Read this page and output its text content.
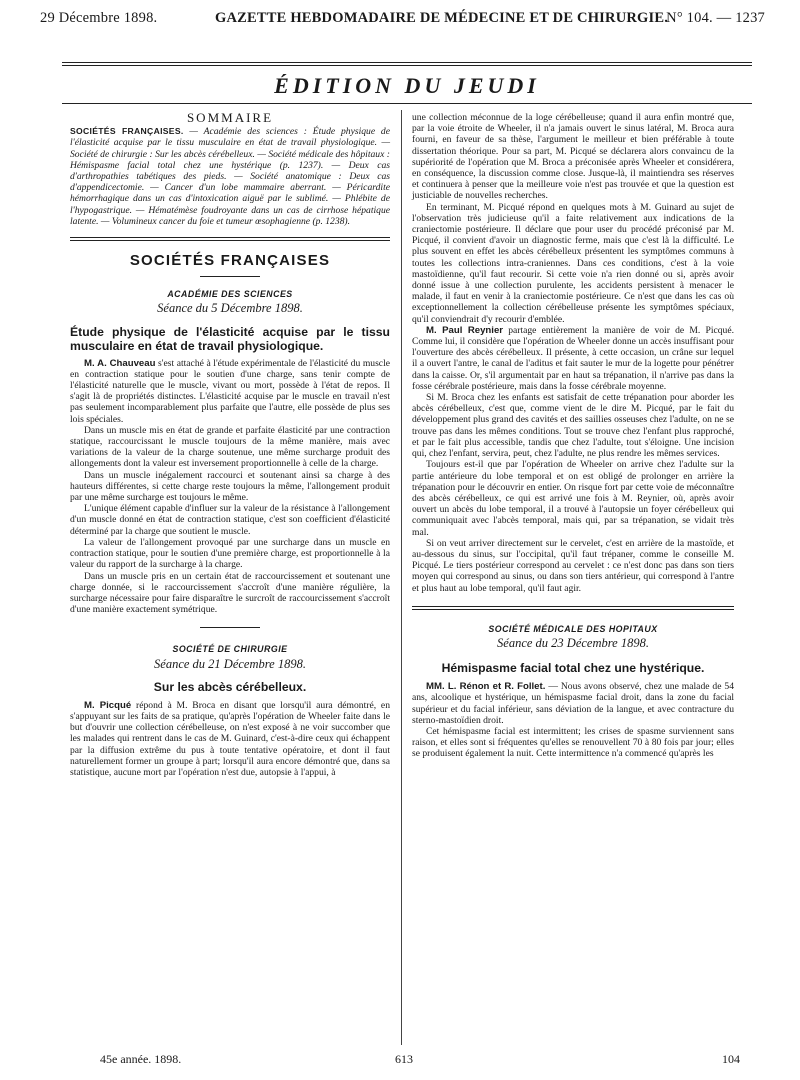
29 Décembre 1898.	GAZETTE HEBDOMADAIRE DE MÉDECINE ET DE CHIRURGIE.
N° 104. — 1237
ÉDITION DU JEUDI
SOMMAIRE

SOCIÉTÉS FRANÇAISES. — Académie des sciences : Étude physique de l'élasticité acquise par le tissu musculaire en état de travail physiologique. — Société de chirurgie : Sur les abcès cérébelleux. — Société médicale des hôpitaux : Hémispasme facial total chez une hystérique (p. 1237). — Deux cas d'arthropathies tabétiques des pieds. — Société anatomique : Deux cas d'appendicectomie. — Cancer d'un lobe mammaire aberrant. — Péricardite hémorrhagique dans un cas d'intoxication aiguë par le sublimé. — Phlébite de l'hypogastrique. — Hématémèse foudroyante dans un cas de cirrhose hépatique latente. — Volumineux cancer du foie et tumeur œsophagienne (p. 1238).

SOCIÉTÉS FRANÇAISES
ACADÉMIE DES SCIENCES
Séance du 5 Décembre 1898.
Étude physique de l'élasticité acquise par le tissu musculaire en état de travail physiologique.

M. A. Chauveau s'est attaché à l'étude expérimentale de l'élasticité du muscle en contraction statique pour le soutien d'une charge, sans tenir compte de l'élasticité naturelle que le muscle, vivant ou mort, possède à l'état de repos. Il s'agit là de propriétés distinctes. L'élasticité acquise par le muscle en travail n'est pas seulement incomparablement plus parfaite que l'autre, elle possède de plus ses lois spéciales.

Dans un muscle mis en état de grande et parfaite élasticité par une contraction statique, raccourcissant le muscle toujours de la même manière, mais avec variations de la valeur de la charge soutenue, une même surcharge produit des allongements dont la valeur est inversement proportionnelle à celle de la charge.

Dans un muscle inégalement raccourci et soutenant ainsi sa charge à des hauteurs différentes, si cette charge reste toujours la même, l'allongement produit par une même surcharge est toujours le même.

L'unique élément capable d'influer sur la valeur de la résistance à l'allongement d'un muscle donné en état de contraction statique, c'est son coefficient d'élasticité déterminé par la charge que soutient le muscle.

La valeur de l'allongement provoqué par une surcharge dans un muscle en contraction statique, pour le soutien d'une première charge, est proportionnelle à la valeur du rapport de la surcharge à la charge.

Dans un muscle pris en un certain état de raccourcissement et soutenant une charge donnée, si le raccourcissement s'accroît d'une manière régulière, la surcharge nécessaire pour faire disparaître le surcroît de raccourcissement s'accroît d'une manière exactement symétrique.

SOCIÉTÉ DE CHIRURGIE
Séance du 21 Décembre 1898.
Sur les abcès cérébelleux.

M. Picqué répond à M. Broca en disant que lorsqu'il aura démontré, en s'appuyant sur les faits de sa pratique, qu'après l'opération de Wheeler faite dans le but d'ouvrir une collection cérébelleuse, on n'est exposé à ne voir succomber que les malades qui rentrent dans le cas de M. Guinard, c'est-à-dire ceux qui échappent par la diffusion extrême du pus à toute tentative opératoire, et dont il faut naturellement former un groupe à part; lorsqu'il aura encore démontré que, dans sa statistique, aucune mort par l'opération n'est due, autopsie à l'appui, à

une collection méconnue de la loge cérébelleuse; quand il aura enfin montré que, par la voie étroite de Wheeler, il n'a jamais ouvert le sinus latéral, M. Broca aura fourni, en faveur de sa thèse, l'argument le meilleur et bien préférable à toute dissertation théorique. Pour sa part, M. Picqué se déclarera alors convaincu de la supériorité de l'opération que M. Broca a préconisée après Wheeler et considérera, en conséquence, la discussion comme close. Jusque-là, il maintiendra ses réserves et continuera à penser que la meilleure voie n'est pas trouvée et que la question est justiciable de nouvelles recherches.

En terminant, M. Picqué répond en quelques mots à M. Guinard au sujet de l'observation très judicieuse qu'il a faite relativement aux indications de la craniectomie postérieure. Il déclare que pour user du procédé préconisé par M. Picqué, il convient d'avoir un diagnostic ferme, mais que c'est là la difficulté. Le plus souvent en effet les abcès cérébelleux présentent les symptômes communs à toutes les collections intra-craniennes. Dans ces conditions, c'est à la voie mastoïdienne, qu'il faut recourir. Si cette voie n'a rien donné ou si, après avoir donné issue à une collection purulente, les accidents persistent à menacer le malade, il faut en venir à la craniectomie postérieure. Ce n'est que dans les cas où exceptionnellement la collection cérébelleuse présente les symptômes spéciaux, qu'il conviendrait d'y recourir d'emblée.

M. Paul Reynier partage entièrement la manière de voir de M. Picqué. Comme lui, il considère que l'opération de Wheeler donne un accès insuffisant pour l'ouverture des abcès cérébelleux. Il présente, à cette occasion, un crâne sur lequel il a ouvert l'antre, le canal de l'aditus et fait sauter le mur de la logette pour pénétrer dans la caisse. Or, s'il argumentait par en haut sa trépanation, il n'arrive pas dans la fosse cérébrale postérieure, mais dans la fosse cérébrale moyenne.

Si M. Broca chez les enfants est satisfait de cette trépanation pour aborder les abcès cérébelleux, c'est que, comme vient de le dire M. Picqué, par le fait du développement plus grand des cavités et des saillies osseuses chez l'adulte, on ne se trouve pas dans les mêmes conditions. Tout se trouve chez l'enfant plus rapproché, et par le fait plus accessible, tandis que chez l'adulte, tout s'éloigne. Une incision qui, chez l'enfant, servira, peut, chez l'adulte, ne plus rendre les mêmes services.

Toujours est-il que par l'opération de Wheeler on arrive chez l'adulte sur la partie antérieure du lobe temporal et on est obligé de prolonger en arrière la trépanation pour le découvrir en entier. On risque fort par cette voie de méconnaître des abcès cérébelleux, ce qui est arrivé une fois à M. Reynier, où, après avoir ouvert un abcès du lobe temporal, il a trouvé à l'autopsie un foyer cérébelleux qui communiquait avec l'abcès temporal, mais qui, par sa trépanation, se vidait très mal.

Si on veut arriver directement sur le cervelet, c'est en arrière de la mastoïde, et au-dessous du sinus, sur l'occipital, qu'il faut trépaner, comme le conseille M. Picqué. Le tiers postérieur correspond au cervelet : ce n'est donc pas dans son tiers moyen qui correspond au sinus, ou dans son tiers antérieur, qui correspond à l'antre et plus haut au lobe temporal, qu'il faut agir.

SOCIÉTÉ MÉDICALE DES HOPITAUX
Séance du 23 Décembre 1898.
Hémispasme facial total chez une hystérique.

MM. L. Rénon et R. Follet. — Nous avons observé, chez une malade de 54 ans, alcoolique et hystérique, un hémispasme facial droit, dans la zone du facial supérieur et du facial inférieur, sans déviation de la langue, et avec contracture du sterno-mastoïdien droit.

Cet hémispasme facial est intermittent; les crises de spasme surviennent sans raison, et elles sont si fréquentes qu'elles se renouvellent 70 à 80 fois par jour; elles se produisent également la nuit. Cette intermittence n'a commencé qu'après les

45e année. 1898.	613	104
